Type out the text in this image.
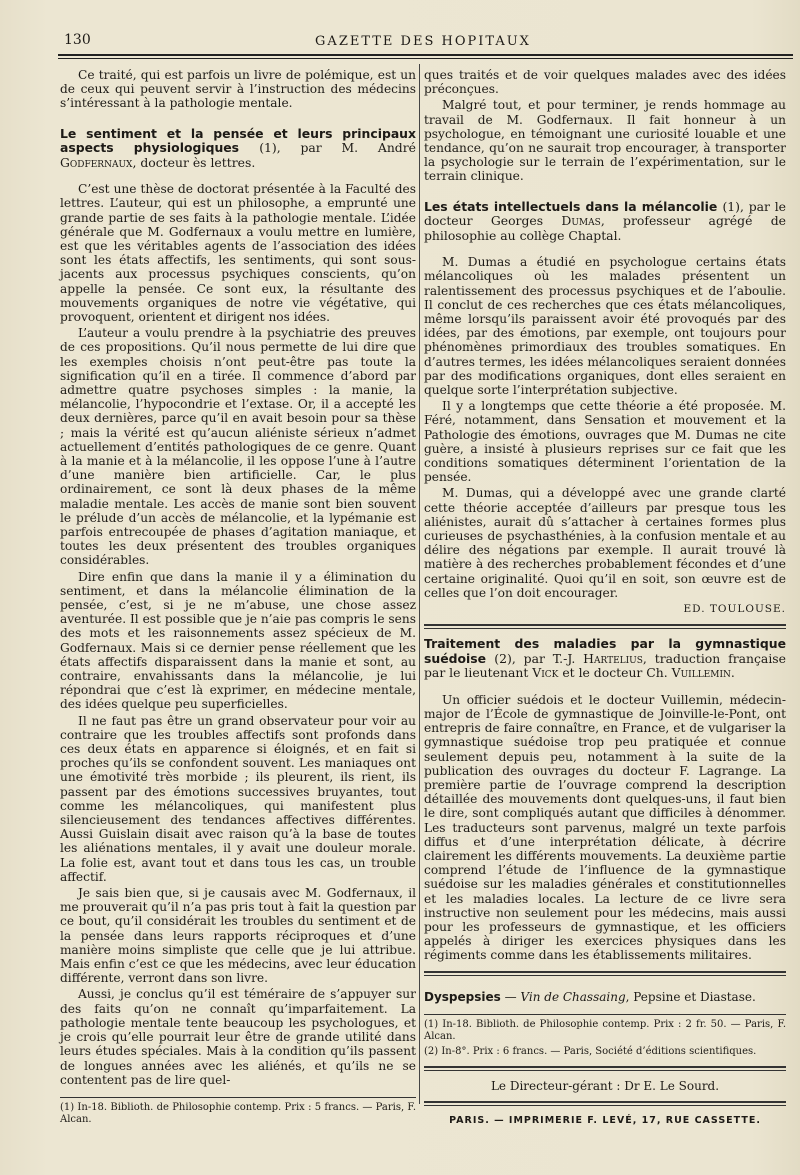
130	GAZETTE DES HOPITAUX

Ce traité, qui est parfois un livre de polémique, est un de ceux qui peuvent servir à l’instruction des médecins s’intéressant à la pathologie mentale.

Le sentiment et la pensée et leurs principaux aspects physiologiques (1), par M. André Godfernaux, docteur ès lettres.

C’est une thèse de doctorat présentée à la Faculté des lettres. L’auteur, qui est un philosophe, a emprunté une grande partie de ses faits à la pathologie mentale. L’idée générale que M. Godfernaux a voulu mettre en lumière, est que les véritables agents de l’association des idées sont les états affectifs, les sentiments, qui sont sous-jacents aux processus psychiques conscients, qu’on appelle la pensée. Ce sont eux, la résultante des mouvements organiques de notre vie végétative, qui provoquent, orientent et dirigent nos idées.

L’auteur a voulu prendre à la psychiatrie des preuves de ces propositions. Qu’il nous permette de lui dire que les exemples choisis n’ont peut-être pas toute la signification qu’il en a tirée. Il commence d’abord par admettre quatre psychoses simples : la manie, la mélancolie, l’hypocondrie et l’extase. Or, il a accepté les deux dernières, parce qu’il en avait besoin pour sa thèse ; mais la vérité est qu’aucun aliéniste sérieux n’admet actuellement d’entités pathologiques de ce genre. Quant à la manie et à la mélancolie, il les oppose l’une à l’autre d’une manière bien artificielle. Car, le plus ordinairement, ce sont là deux phases de la même maladie mentale. Les accès de manie sont bien souvent le prélude d’un accès de mélancolie, et la lypémanie est parfois entrecoupée de phases d’agitation maniaque, et toutes les deux présentent des troubles organiques considérables.

Dire enfin que dans la manie il y a élimination du sentiment, et dans la mélancolie élimination de la pensée, c’est, si je ne m’abuse, une chose assez aventurée. Il est possible que je n’aie pas compris le sens des mots et les raisonnements assez spécieux de M. Godfernaux. Mais si ce dernier pense réellement que les états affectifs disparaissent dans la manie et sont, au contraire, envahissants dans la mélancolie, je lui répondrai que c’est là exprimer, en médecine mentale, des idées quelque peu superficielles.

Il ne faut pas être un grand observateur pour voir au contraire que les troubles affectifs sont profonds dans ces deux états en apparence si éloignés, et en fait si proches qu’ils se confondent souvent. Les maniaques ont une émotivité très morbide ; ils pleurent, ils rient, ils passent par des émotions successives bruyantes, tout comme les mélancoliques, qui manifestent plus silencieusement des tendances affectives différentes. Aussi Guislain disait avec raison qu’à la base de toutes les aliénations mentales, il y avait une douleur morale. La folie est, avant tout et dans tous les cas, un trouble affectif.

Je sais bien que, si je causais avec M. Godfernaux, il me prouverait qu’il n’a pas pris tout à fait la question par ce bout, qu’il considérait les troubles du sentiment et de la pensée dans leurs rapports réciproques et d’une manière moins simpliste que celle que je lui attribue. Mais enfin c’est ce que les médecins, avec leur éducation différente, verront dans son livre.

Aussi, je conclus qu’il est téméraire de s’appuyer sur des faits qu’on ne connaît qu’imparfaitement. La pathologie mentale tente beaucoup les psychologues, et je crois qu’elle pourrait leur être de grande utilité dans leurs études spéciales. Mais à la condition qu’ils passent de longues années avec les aliénés, et qu’ils ne se contentent pas de lire quel-

(1) In-18. Biblioth. de Philosophie contemp. Prix : 5 francs. — Paris, F. Alcan.

ques traités et de voir quelques malades avec des idées préconçues.

Malgré tout, et pour terminer, je rends hommage au travail de M. Godfernaux. Il fait honneur à un psychologue, en témoignant une curiosité louable et une tendance, qu’on ne saurait trop encourager, à transporter la psychologie sur le terrain de l’expérimentation, sur le terrain clinique.

Les états intellectuels dans la mélancolie (1), par le docteur Georges Dumas, professeur agrégé de philosophie au collège Chaptal.

M. Dumas a étudié en psychologue certains états mélancoliques où les malades présentent un ralentissement des processus psychiques et de l’aboulie. Il conclut de ces recherches que ces états mélancoliques, même lorsqu’ils paraissent avoir été provoqués par des idées, par des émotions, par exemple, ont toujours pour phénomènes primordiaux des troubles somatiques. En d’autres termes, les idées mélancoliques seraient données par des modifications organiques, dont elles seraient en quelque sorte l’interprétation subjective.

Il y a longtemps que cette théorie a été proposée. M. Féré, notamment, dans Sensation et mouvement et la Pathologie des émotions, ouvrages que M. Dumas ne cite guère, a insisté à plusieurs reprises sur ce fait que les conditions somatiques déterminent l’orientation de la pensée.

M. Dumas, qui a développé avec une grande clarté cette théorie acceptée d’ailleurs par presque tous les aliénistes, aurait dû s’attacher à certaines formes plus curieuses de psychasthénies, à la confusion mentale et au délire des négations par exemple. Il aurait trouvé là matière à des recherches probablement fécondes et d’une certaine originalité. Quoi qu’il en soit, son œuvre est de celles que l’on doit encourager.

ED. TOULOUSE.
Traitement des maladies par la gymnastique suédoise (2), par T.-J. Hartelius, traduction française par le lieutenant Vick et le docteur Ch. Vuillemin.

Un officier suédois et le docteur Vuillemin, médecin-major de l’École de gymnastique de Joinville-le-Pont, ont entrepris de faire connaître, en France, et de vulgariser la gymnastique suédoise trop peu pratiquée et connue seulement depuis peu, notamment à la suite de la publication des ouvrages du docteur F. Lagrange. La première partie de l’ouvrage comprend la description détaillée des mouvements dont quelques-uns, il faut bien le dire, sont compliqués autant que difficiles à dénommer. Les traducteurs sont parvenus, malgré un texte parfois diffus et d’une interprétation délicate, à décrire clairement les différents mouvements. La deuxième partie comprend l’étude de l’influence de la gymnastique suédoise sur les maladies générales et constitutionnelles et les maladies locales. La lecture de ce livre sera instructive non seulement pour les médecins, mais aussi pour les professeurs de gymnastique, et les officiers appelés à diriger les exercices physiques dans les régiments comme dans les établissements militaires.

Dyspepsies — Vin de Chassaing, Pepsine et Diastase.

(1) In-18. Biblioth. de Philosophie contemp. Prix : 2 fr. 50. — Paris, F. Alcan.

(2) In-8°. Prix : 6 francs. — Paris, Société d’éditions scientifiques.

Le Directeur-gérant : Dr E. Le Sourd.
PARIS. — IMPRIMERIE F. LEVÉ, 17, RUE CASSETTE.
